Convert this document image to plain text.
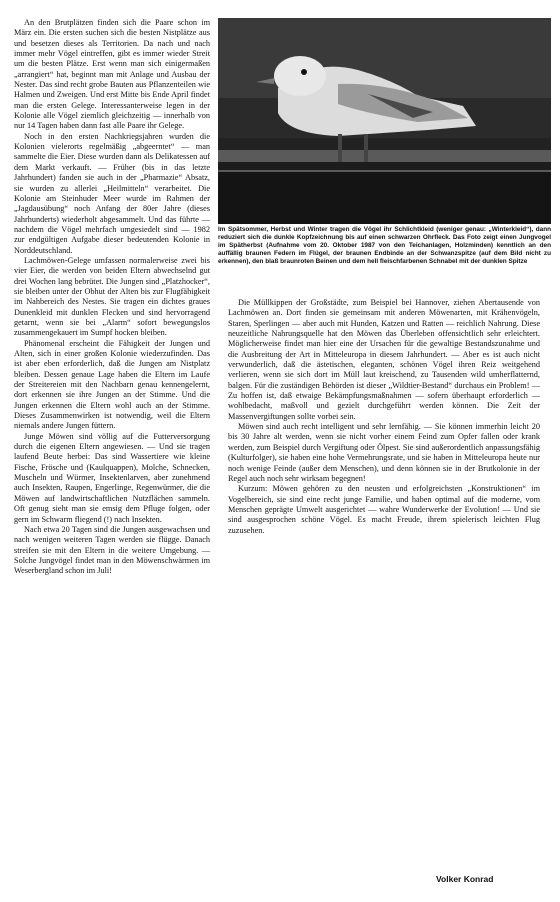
An den Brutplätzen finden sich die Paare schon im März ein. Die ersten suchen sich die besten Nistplätze aus und besetzen dieses als Territorien. Da nach und nach immer mehr Vögel eintreffen, gibt es immer wieder Streit um die besten Plätze. Erst wenn man sich einigermaßen „arrangiert“ hat, beginnt man mit Anlage und Ausbau der Nester. Das sind recht grobe Bauten aus Pflanzenteilen wie Halmen und Zweigen. Und erst Mitte bis Ende April findet man die ersten Gelege. Interessanterweise legen in der Kolonie alle Vögel ziemlich gleichzeitig — innerhalb von nur 14 Tagen haben dann fast alle Paare ihr Gelege.

Noch in den ersten Nachkriegsjahren wurden die Kolonien vielerorts regelmäßig „abgeerntet“ — man sammelte die Eier. Diese wurden dann als Delikatessen auf dem Markt verkauft. — Früher (bis in das letzte Jahrhundert) fanden sie auch in der „Pharmazie“ Absatz, sie wurden zu allerlei „Heilmitteln“ verarbeitet. Die Kolonie am Steinhuder Meer wurde im Rahmen der „Jagdausübung“ noch Anfang der 80er Jahre (dieses Jahrhunderts) wiederholt abgesammelt. Und das führte — nachdem die Vögel mehrfach umgesiedelt sind — 1982 zur endgültigen Aufgabe dieser bedeutenden Kolonie in Norddeutschland.

Lachmöwen-Gelege umfassen normalerweise zwei bis vier Eier, die werden von beiden Eltern abwechselnd gut drei Wochen lang bebrütet. Die Jungen sind „Platzhocker“, sie bleiben unter der Obhut der Alten bis zur Flugfähigkeit im Nahbereich des Nestes. Sie tragen ein dichtes graues Dunenkleid mit dunklen Flecken und sind hervorragend getarnt, wenn sie bei „Alarm“ sofort bewegungslos zusammengekauert im Sumpf hocken bleiben.

Phänomenal erscheint die Fähigkeit der Jungen und Alten, sich in einer großen Kolonie wiederzufinden. Das ist aber eben erforderlich, daß die Jungen am Nistplatz bleiben. Dessen genaue Lage haben die Eltern im Laufe der Streitereien mit den Nachbarn genau kennengelernt, dort erkennen sie ihre Jungen an der Stimme. Und die Jungen erkennen die Eltern wohl auch an der Stimme. Dieses Zusammenwirken ist notwendig, weil die Eltern niemals andere Jungen füttern.

Junge Möwen sind völlig auf die Futterversorgung durch die eigenen Eltern angewiesen. — Und sie tragen laufend Beute herbei: Das sind Wassertiere wie kleine Fische, Frösche und (Kaulquappen), Molche, Schnecken, Muscheln und Würmer, Insektenlarven, aber zunehmend auch Insekten, Raupen, Engerlinge, Regenwürmer, die die Möwen auf landwirtschaftlichen Nutzflächen sammeln. Oft genug sieht man sie emsig dem Pfluge folgen, oder gern im Schwarm fliegend (!) nach Insekten.

Nach etwa 20 Tagen sind die Jungen ausgewachsen und nach wenigen weiteren Tagen werden sie flügge. Danach streifen sie mit den Eltern in die weitere Umgebung. — Solche Jungvögel findet man in den Möwenschwärmen im Weserbergland schon im Juli!

Im Spätsommer, Herbst und Winter tragen die Vögel ihr Schlichtkleid (weniger genau: „Winterkleid“), dann reduziert sich die dunkle Kopfzeichnung bis auf einen schwarzen Ohrfleck. Das Foto zeigt einen Jungvogel im Spätherbst (Aufnahme vom 20. Oktober 1987 von den Teichanlagen, Holzminden) kenntlich an den auffällig braunen Federn im Flügel, der braunen Endbinde an der Schwanzspitze (auf dem Bild nicht zu erkennen), den blaß braunroten Beinen und dem hell fleischfarbenen Schnabel mit der dunklen Spitze

Die Müllkippen der Großstädte, zum Beispiel bei Hannover, ziehen Abertausende von Lachmöwen an. Dort finden sie gemeinsam mit anderen Möwenarten, mit Krähenvögeln, Staren, Sperlingen — aber auch mit Hunden, Katzen und Ratten — reichlich Nahrung. Diese neuzeitliche Nahrungsquelle hat den Möwen das Überleben offensichtlich sehr erleichtert. Möglicherweise findet man hier eine der Ursachen für die gewaltige Bestandszunahme und die Ausbreitung der Art in Mitteleuropa in diesem Jahrhundert. — Aber es ist auch nicht verwunderlich, daß die ästetischen, eleganten, schönen Vögel ihren Reiz weitgehend verlieren, wenn sie sich dort im Müll laut kreischend, zu Tausenden wild umherflatternd, balgen. Für die zuständigen Behörden ist dieser „Wildtier-Bestand“ durchaus ein Problem! — Zu hoffen ist, daß etwaige Bekämpfungsmaßnahmen — sofern überhaupt erforderlich — wohlbedacht, maßvoll und gezielt durchgeführt werden können. Die Zeit der Massenvergiftungen sollte vorbei sein.

Möwen sind auch recht intelligent und sehr lernfähig. — Sie können immerhin leicht 20 bis 30 Jahre alt werden, wenn sie nicht vorher einem Feind zum Opfer fallen oder krank werden, zum Beispiel durch Vergiftung oder Ölpest. Sie sind außerordentlich anpassungsfähig (Kulturfolger), sie haben eine hohe Vermehrungsrate, und sie haben in Mitteleuropa heute nur noch wenige Feinde (außer dem Menschen), und denn können sie in der Brutkolonie in der Regel auch noch sehr wirksam begegnen!

Kurzum: Möwen gehören zu den neusten und erfolgreichsten „Konstruktionen“ im Vogelbereich, sie sind eine recht junge Familie, und haben optimal auf die moderne, vom Menschen geprägte Umwelt ausgerichtet — wahre Wunderwerke der Evolution! — Und sie sind ausgesprochen schöne Vögel. Es macht Freude, ihrem spielerisch leichten Flug zuzusehen.

Volker Konrad
